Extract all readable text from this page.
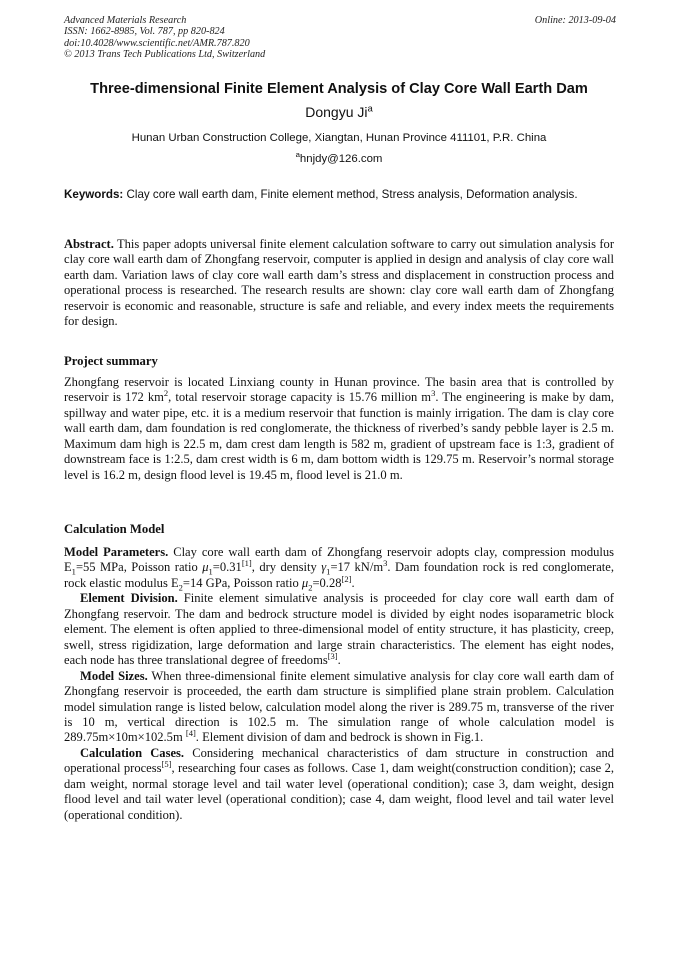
Advanced Materials Research
ISSN: 1662-8985, Vol. 787, pp 820-824
doi:10.4028/www.scientific.net/AMR.787.820
© 2013 Trans Tech Publications Ltd, Switzerland
Online: 2013-09-04
Three-dimensional Finite Element Analysis of Clay Core Wall Earth Dam
Dongyu Ji$^a$
Hunan Urban Construction College, Xiangtan, Hunan Province 411101, P.R. China
$^a$hnjdy@126.com
Keywords: Clay core wall earth dam, Finite element method, Stress analysis, Deformation analysis.

Abstract. This paper adopts universal finite element calculation software to carry out simulation analysis for clay core wall earth dam of Zhongfang reservoir, computer is applied in design and analysis of clay core wall earth dam. Variation laws of clay core wall earth dam’s stress and displacement in construction process and operational process is researched. The research results are shown: clay core wall earth dam of Zhongfang reservoir is economic and reasonable, structure is safe and reliable, and every index meets the requirements for design.

Project summary

Zhongfang reservoir is located Linxiang county in Hunan province. The basin area that is controlled by reservoir is 172 $km^2$, total reservoir storage capacity is 15.76 million $m^3$. The engineering is make by dam, spillway and water pipe, etc. it is a medium reservoir that function is mainly irrigation. The dam is clay core wall earth dam, dam foundation is red conglomerate, the thickness of riverbed’s sandy pebble layer is 2.5 m. Maximum dam high is 22.5 m, dam crest dam length is 582 m, gradient of upstream face is 1:3, gradient of downstream face is 1:2.5, dam crest width is 6 m, dam bottom width is 129.75 m. Reservoir’s normal storage level is 16.2 m, design flood level is 19.45 m, flood level is 21.0 m.

Calculation Model

Model Parameters. Clay core wall earth dam of Zhongfang reservoir adopts clay, compression modulus $E_1=55$ MPa, Poisson ratio $\mu_1=0.31[1]$, dry density $\gamma_1=17$ $kN/m^3$. Dam foundation rock is red conglomerate, rock elastic modulus $E_2=14$ GPa, Poisson ratio $\mu_2=0.28[2]$.

Element Division. Finite element simulative analysis is proceeded for clay core wall earth dam of Zhongfang reservoir. The dam and bedrock structure model is divided by eight nodes isoparametric block element. The element is often applied to three-dimensional model of entity structure, it has plasticity, creep, swell, stress rigidization, large deformation and large strain characteristics. The element has eight nodes, each node has three translational degree of freedoms[3].

Model Sizes. When three-dimensional finite element simulative analysis for clay core wall earth dam of Zhongfang reservoir is proceeded, the earth dam structure is simplified plane strain problem. Calculation model simulation range is listed below, calculation model along the river is 289.75 m, transverse of the river is 10 m, vertical direction is 102.5 m. The simulation range of whole calculation model is 289.75m×10m×102.5m [4]. Element division of dam and bedrock is shown in Fig.1.

Calculation Cases. Considering mechanical characteristics of dam structure in construction and operational process[5], researching four cases as follows. Case 1, dam weight(construction condition); case 2, dam weight, normal storage level and tail water level (operational condition); case 3, dam weight, design flood level and tail water level (operational condition); case 4, dam weight, flood level and tail water level (operational condition).
